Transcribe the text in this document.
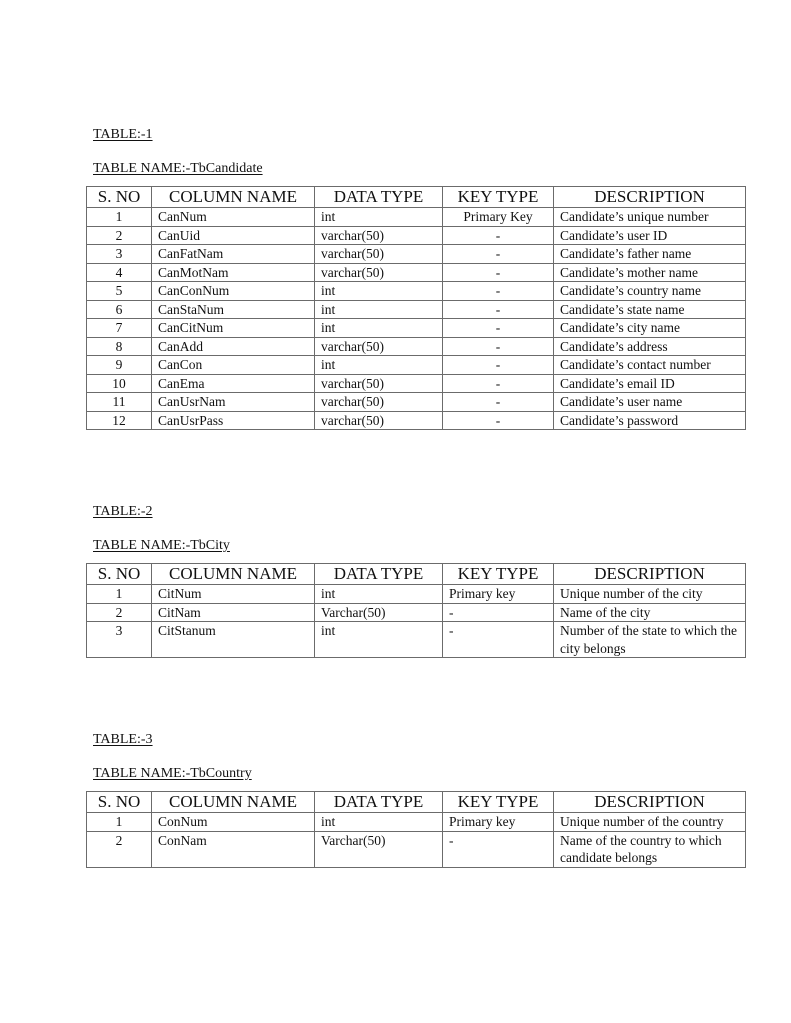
TABLE:-1
TABLE NAME:-TbCandidate
S. NO	COLUMN NAME	DATA TYPE	KEY TYPE	DESCRIPTION
1	CanNum	int	Primary Key	Candidate’s unique number
2	CanUid	varchar(50)	-	Candidate’s user ID
3	CanFatNam	varchar(50)	-	Candidate’s father name
4	CanMotNam	varchar(50)	-	Candidate’s mother name
5	CanConNum	int	-	Candidate’s country name
6	CanStaNum	int	-	Candidate’s state name
7	CanCitNum	int	-	Candidate’s city name
8	CanAdd	varchar(50)	-	Candidate’s address
9	CanCon	int	-	Candidate’s contact number
10	CanEma	varchar(50)	-	Candidate’s email ID
11	CanUsrNam	varchar(50)	-	Candidate’s user name
12	CanUsrPass	varchar(50)	-	Candidate’s password
TABLE:-2
TABLE NAME:-TbCity
S. NO	COLUMN NAME	DATA TYPE	KEY TYPE	DESCRIPTION
1	CitNum	int	Primary key	Unique number of the city
2	CitNam	Varchar(50)	-	Name of the city
3	CitStanum	int	-	Number of the state to which the city belongs
TABLE:-3
TABLE NAME:-TbCountry
S. NO	COLUMN NAME	DATA TYPE	KEY TYPE	DESCRIPTION
1	ConNum	int	Primary key	Unique number of the country
2	ConNam	Varchar(50)	-	Name of the country to which candidate belongs
